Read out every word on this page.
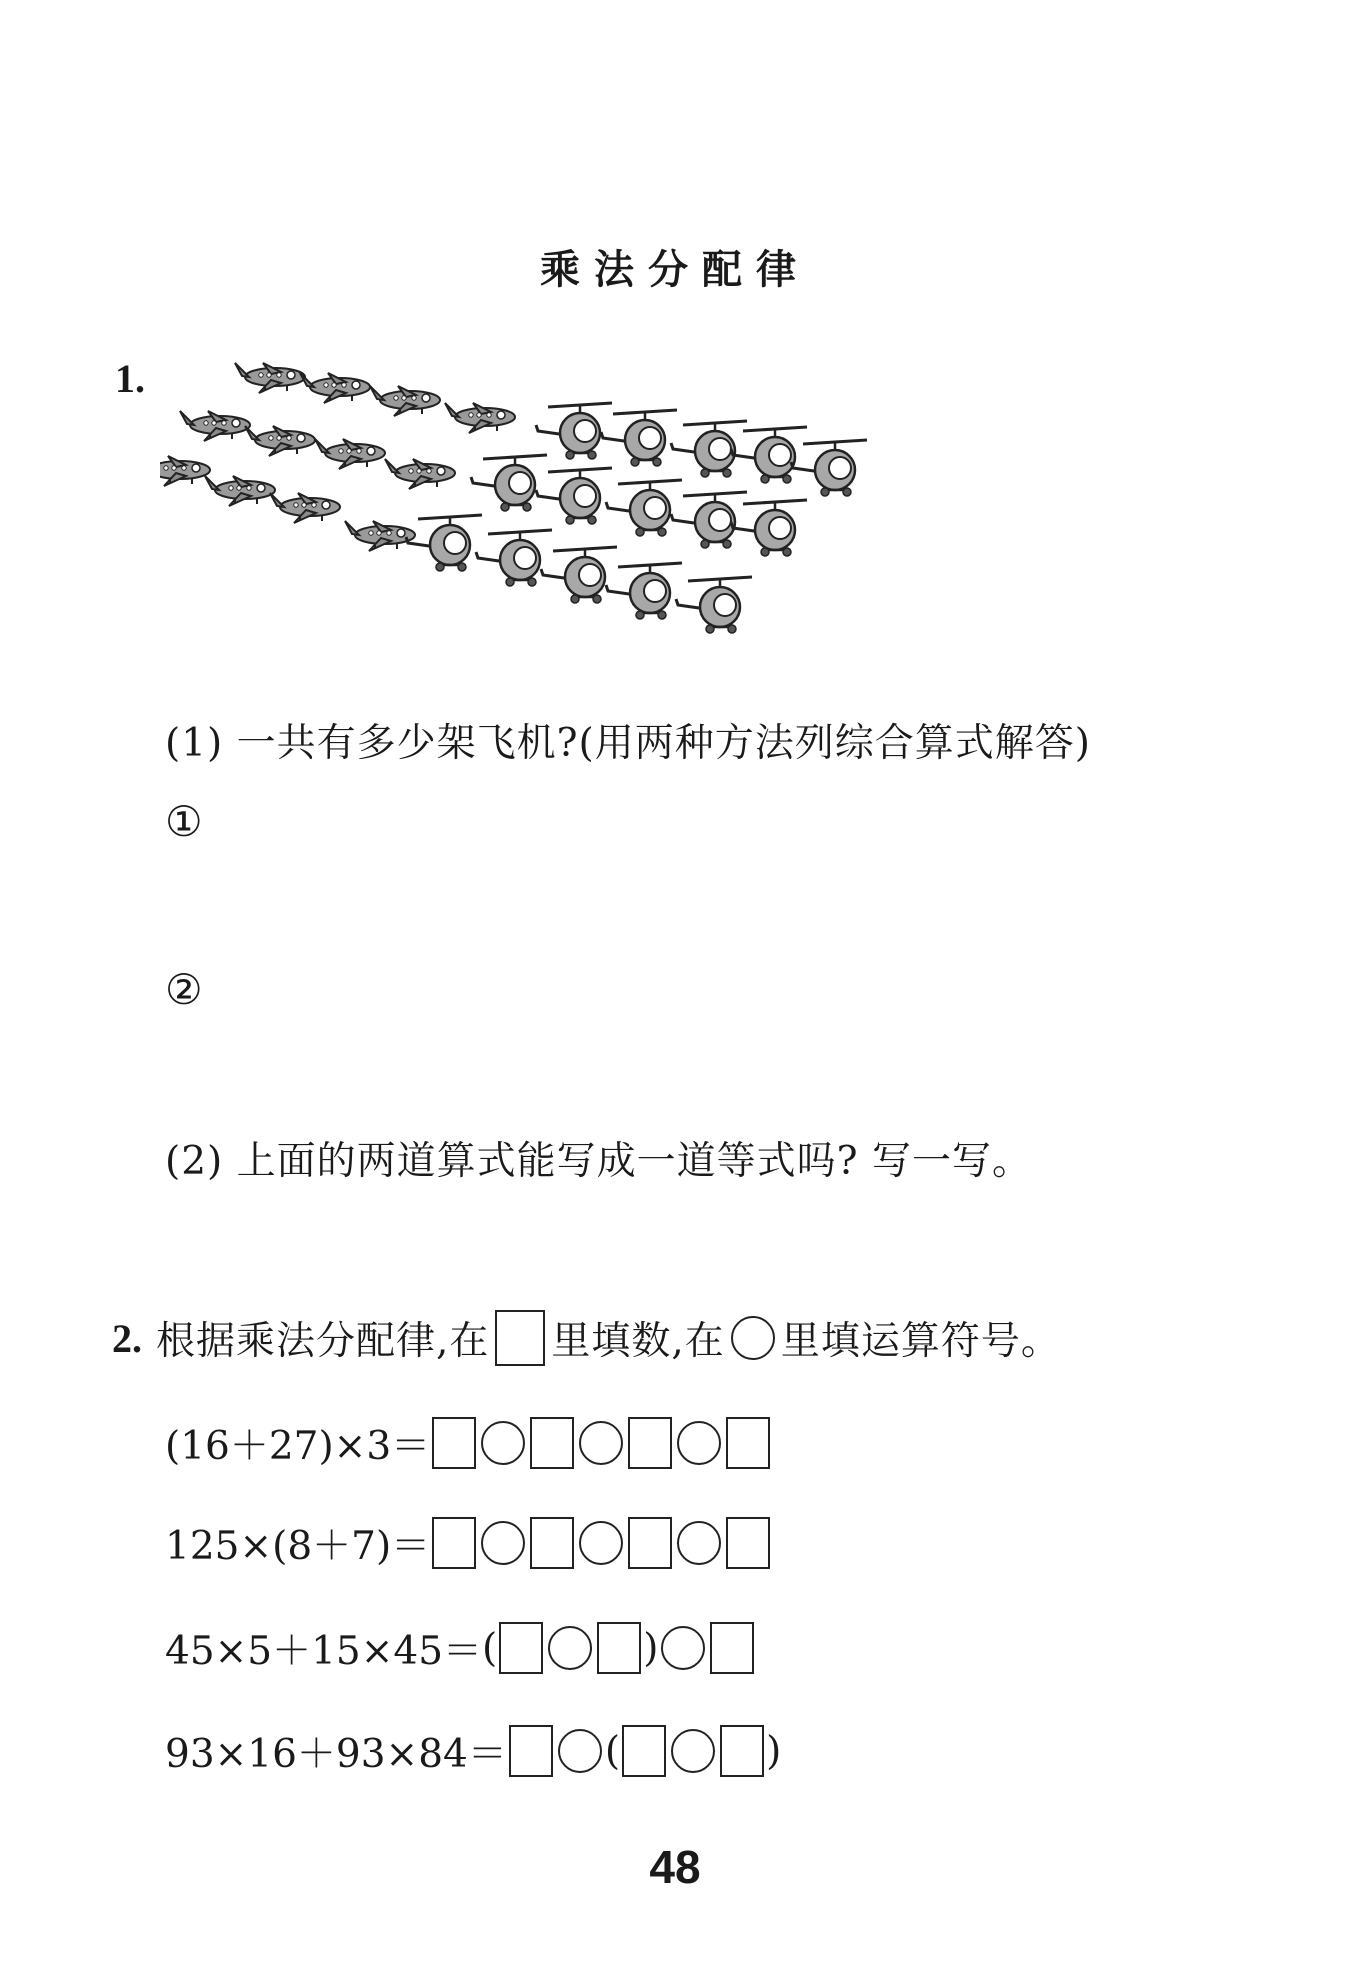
乘法分配律
1.
(1) 一共有多少架飞机?(用两种方法列综合算式解答)
①
②
(2) 上面的两道算式能写成一道等式吗? 写一写。
2. 根据乘法分配律,在 里填数,在 里填运算符号。
(16＋27)×3＝
125×(8＋7)＝
45×5＋15×45＝ (	)
93×16＋93×84＝	(	)
48
